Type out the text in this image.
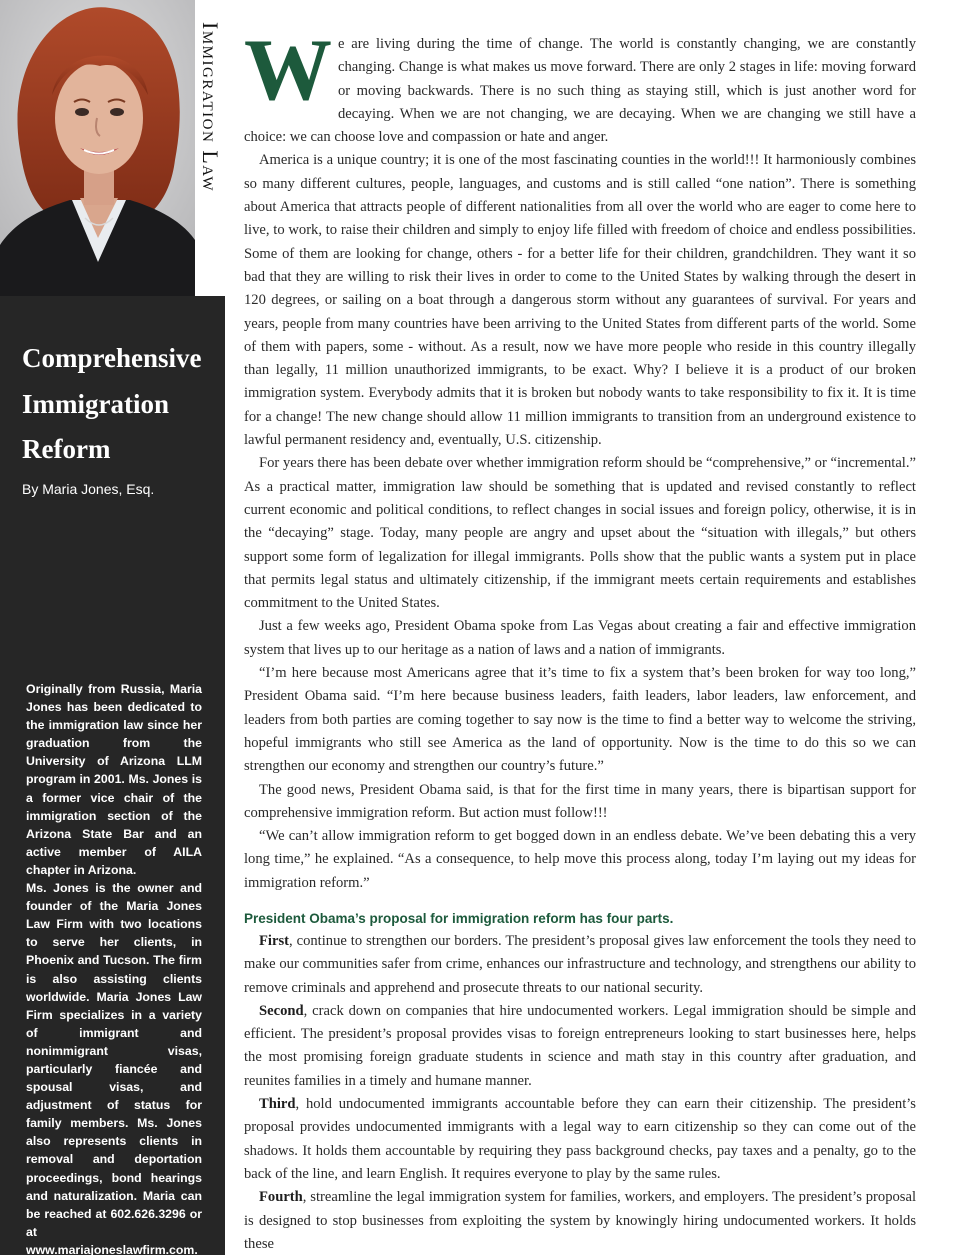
Immigration Law
Comprehensive
Immigration
Reform
By Maria Jones, Esq.

Originally from Russia, Maria Jones has been dedicated to the immigration law since her graduation from the University of Arizona LLM program in 2001. Ms. Jones is a former vice chair of the immigration section of the Arizona State Bar and an active member of AILA chapter in Arizona.

Ms. Jones is the owner and founder of the Maria Jones Law Firm with two locations to serve her clients, in Phoenix and Tucson. The firm is also assisting clients worldwide. Maria Jones Law Firm specializes in a variety of immigrant and nonimmigrant visas, particularly fiancée and spousal visas, and adjustment of status for family members. Ms. Jones also represents clients in removal and deportation proceedings, bond hearings and naturalization. Maria can be reached at 602.626.3296 or at www.mariajoneslawfirm.com.

We are living during the time of change. The world is constantly changing, we are constantly changing. Change is what makes us move forward. There are only 2 stages in life: moving forward or moving backwards. There is no such thing as staying still, which is just another word for decaying. When we are not changing, we are decaying. When we are changing we still have a choice: we can choose love and compassion or hate and anger.

America is a unique country; it is one of the most fascinating counties in the world!!! It harmoniously combines so many different cultures, people, languages, and customs and is still called “one nation”. There is something about America that attracts people of different nationalities from all over the world who are eager to come here to live, to work, to raise their children and simply to enjoy life filled with freedom of choice and endless possibilities. Some of them are looking for change, others - for a better life for their children, grandchildren. They want it so bad that they are willing to risk their lives in order to come to the United States by walking through the desert in 120 degrees, or sailing on a boat through a dangerous storm without any guarantees of survival. For years and years, people from many countries have been arriving to the United States from different parts of the world. Some of them with papers, some - without. As a result, now we have more people who reside in this country illegally than legally, 11 million unauthorized immigrants, to be exact. Why? I believe it is a product of our broken immigration system. Everybody admits that it is broken but nobody wants to take responsibility to fix it. It is time for a change! The new change should allow 11 million immigrants to transition from an underground existence to lawful permanent residency and, eventually, U.S. citizenship.

For years there has been debate over whether immigration reform should be “comprehensive,” or “incremental.” As a practical matter, immigration law should be something that is updated and revised constantly to reflect current economic and political conditions, to reflect changes in social issues and foreign policy, otherwise, it is in the “decaying” stage. Today, many people are angry and upset about the “situation with illegals,” but others support some form of legalization for illegal immigrants. Polls show that the public wants a system put in place that permits legal status and ultimately citizenship, if the immigrant meets certain requirements and establishes commitment to the United States.

Just a few weeks ago, President Obama spoke from Las Vegas about creating a fair and effective immigration system that lives up to our heritage as a nation of laws and a nation of immigrants.

“I’m here because most Americans agree that it’s time to fix a system that’s been broken for way too long,” President Obama said. “I’m here because business leaders, faith leaders, labor leaders, law enforcement, and leaders from both parties are coming together to say now is the time to find a better way to welcome the striving, hopeful immigrants who still see America as the land of opportunity. Now is the time to do this so we can strengthen our economy and strengthen our country’s future.”

The good news, President Obama said, is that for the first time in many years, there is bipartisan support for comprehensive immigration reform. But action must follow!!!

“We can’t allow immigration reform to get bogged down in an endless debate. We’ve been debating this a very long time,” he explained. “As a consequence, to help move this process along, today I’m laying out my ideas for immigration reform.”

President Obama’s proposal for immigration reform has four parts.

First, continue to strengthen our borders. The president’s proposal gives law enforcement the tools they need to make our communities safer from crime, enhances our infrastructure and technology, and strengthens our ability to remove criminals and apprehend and prosecute threats to our national security.

Second, crack down on companies that hire undocumented workers. Legal immigration should be simple and efficient. The president’s proposal provides visas to foreign entrepreneurs looking to start businesses here, helps the most promising foreign graduate students in science and math stay in this country after graduation, and reunites families in a timely and humane manner.

Third, hold undocumented immigrants accountable before they can earn their citizenship. The president’s proposal provides undocumented immigrants with a legal way to earn citizenship so they can come out of the shadows. It holds them accountable by requiring they pass background checks, pay taxes and a penalty, go to the back of the line, and learn English. It requires everyone to play by the same rules.

Fourth, streamline the legal immigration system for families, workers, and employers. The president’s proposal is designed to stop businesses from exploiting the system by knowingly hiring undocumented workers. It holds these
